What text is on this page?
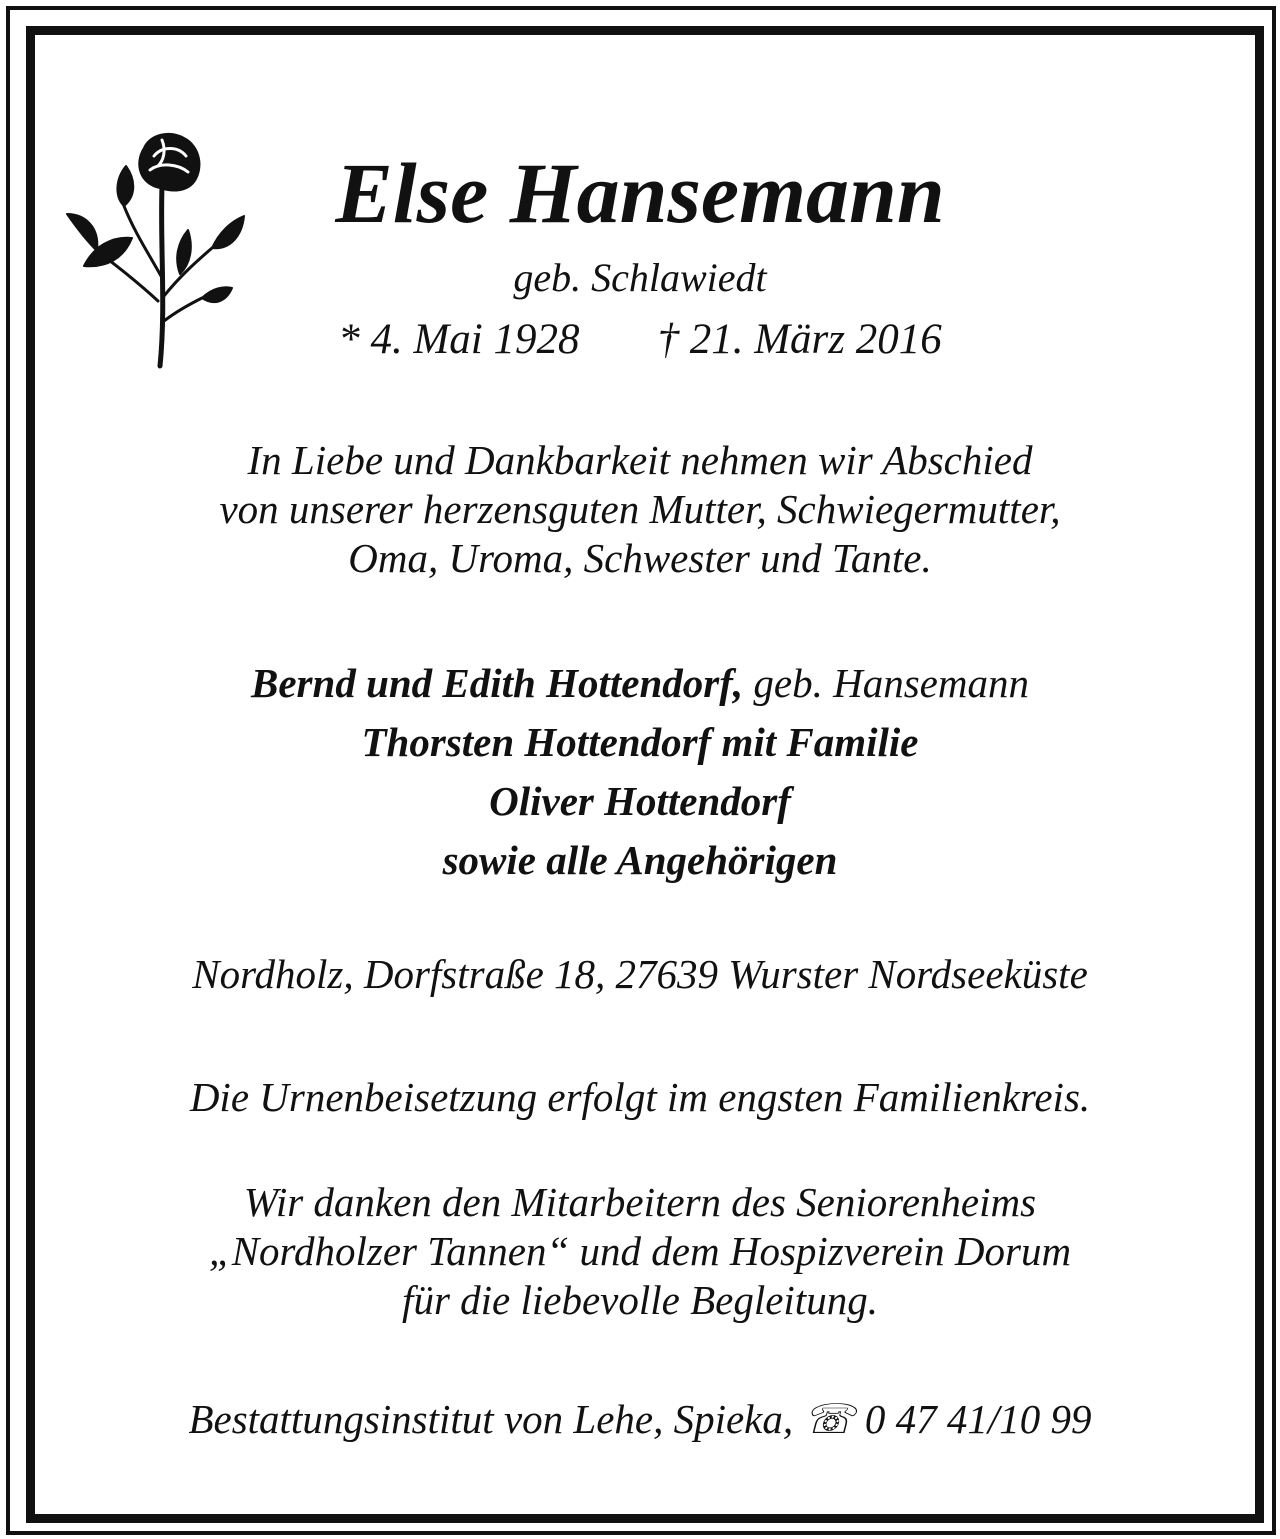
Else Hansemann
geb. Schlawiedt
* 4. Mai 1928 † 21. März 2016
In Liebe und Dankbarkeit nehmen wir Abschied
von unserer herzensguten Mutter, Schwiegermutter,
Oma, Uroma, Schwester und Tante.
Bernd und Edith Hottendorf, geb. Hansemann
Thorsten Hottendorf mit Familie
Oliver Hottendorf
sowie alle Angehörigen
Nordholz, Dorfstraße 18, 27639 Wurster Nordseeküste
Die Urnenbeisetzung erfolgt im engsten Familienkreis.
Wir danken den Mitarbeitern des Seniorenheims
„Nordholzer Tannen“ und dem Hospizverein Dorum
für die liebevolle Begleitung.
Bestattungsinstitut von Lehe, Spieka, ☏ 0 47 41/10 99
